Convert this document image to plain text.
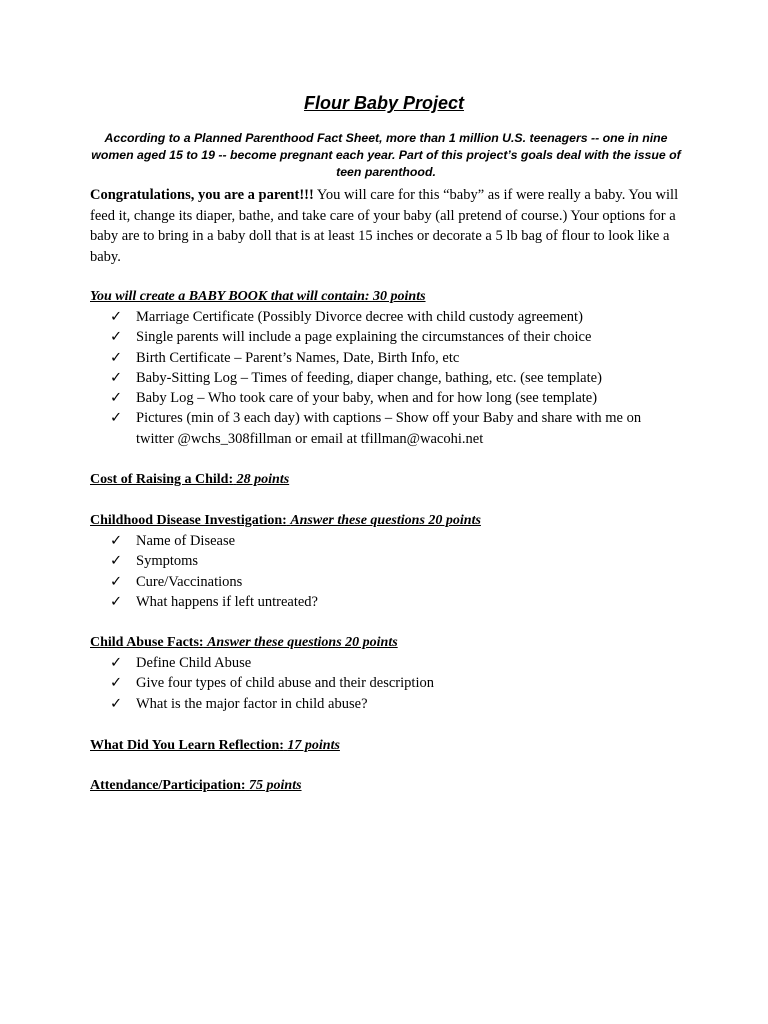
Flour Baby Project
According to a Planned Parenthood Fact Sheet, more than 1 million U.S. teenagers -- one in nine women aged 15 to 19 -- become pregnant each year. Part of this project’s goals deal with the issue of teen parenthood.
Congratulations, you are a parent!!! You will care for this “baby” as if were really a baby. You will feed it, change its diaper, bathe, and take care of your baby (all pretend of course.) Your options for a baby are to bring in a baby doll that is at least 15 inches or decorate a 5 lb bag of flour to look like a baby.
You will create a BABY BOOK that will contain: 30 points
✓ Marriage Certificate (Possibly Divorce decree with child custody agreement)
✓ Single parents will include a page explaining the circumstances of their choice
✓ Birth Certificate – Parent’s Names, Date, Birth Info, etc
✓ Baby-Sitting Log – Times of feeding, diaper change, bathing, etc. (see template)
✓ Baby Log – Who took care of your baby, when and for how long (see template)
✓ Pictures (min of 3 each day) with captions – Show off your Baby and share with me on twitter @wchs_308fillman or email at tfillman@wacohi.net
Cost of Raising a Child: 28 points
Childhood Disease Investigation: Answer these questions 20 points
✓ Name of Disease
✓ Symptoms
✓ Cure/Vaccinations
✓ What happens if left untreated?
Child Abuse Facts: Answer these questions 20 points
✓ Define Child Abuse
✓ Give four types of child abuse and their description
✓ What is the major factor in child abuse?
What Did You Learn Reflection: 17 points
Attendance/Participation: 75 points
